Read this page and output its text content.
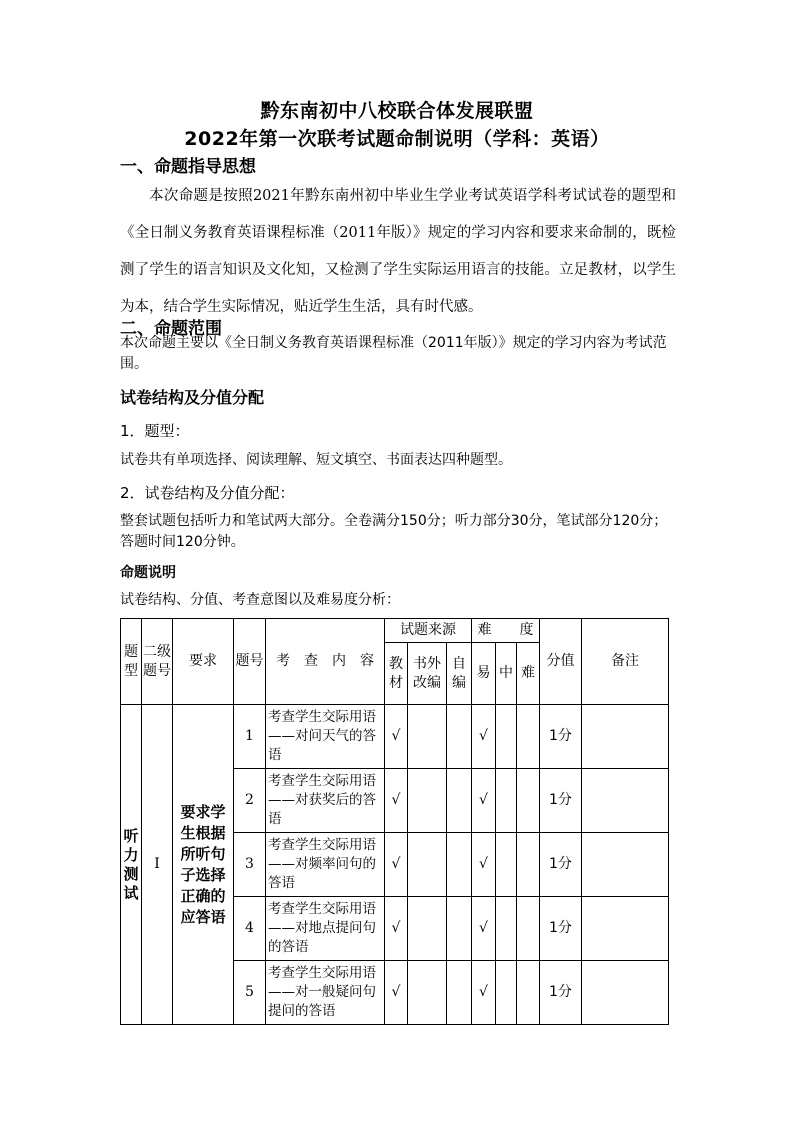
黔东南初中八校联合体发展联盟
2022年第一次联考试题命制说明（学科：英语）
一、命题指导思想
本次命题是按照2021年黔东南州初中毕业生学业考试英语学科考试试卷的题型和《全日制义务教育英语课程标准（2011年版）》规定的学习内容和要求来命制的，既检测了学生的语言知识及文化知，又检测了学生实际运用语言的技能。立足教材，以学生为本，结合学生实际情况，贴近学生生活，具有时代感。
二、命题范围
本次命题主要以《全日制义务教育英语课程标准（2011年版）》规定的学习内容为考试范围。
试卷结构及分值分配
1．题型：
试卷共有单项选择、阅读理解、短文填空、书面表达四种题型。
2．试卷结构及分值分配：
整套试题包括听力和笔试两大部分。全卷满分150分；听力部分30分，笔试部分120分；答题时间120分钟。
命题说明
试卷结构、分值、考查意图以及难易度分析：
题型	二级题号	要求	题号	考　查　内　容	试题来源			难　　度			分值	备注
					教材	书外改编	自编	易	中	难		
听力测试	Ⅰ	要求学生根据所听句子选择正确的应答语	1	考查学生交际用语——对问天气的答语	√			√			1分	
			2	考查学生交际用语——对获奖后的答语	√			√			1分	
			3	考查学生交际用语——对频率问句的答语	√			√			1分	
			4	考查学生交际用语——对地点提问句的答语	√			√			1分	
			5	考查学生交际用语——对一般疑问句提问的答语	√			√			1分	
